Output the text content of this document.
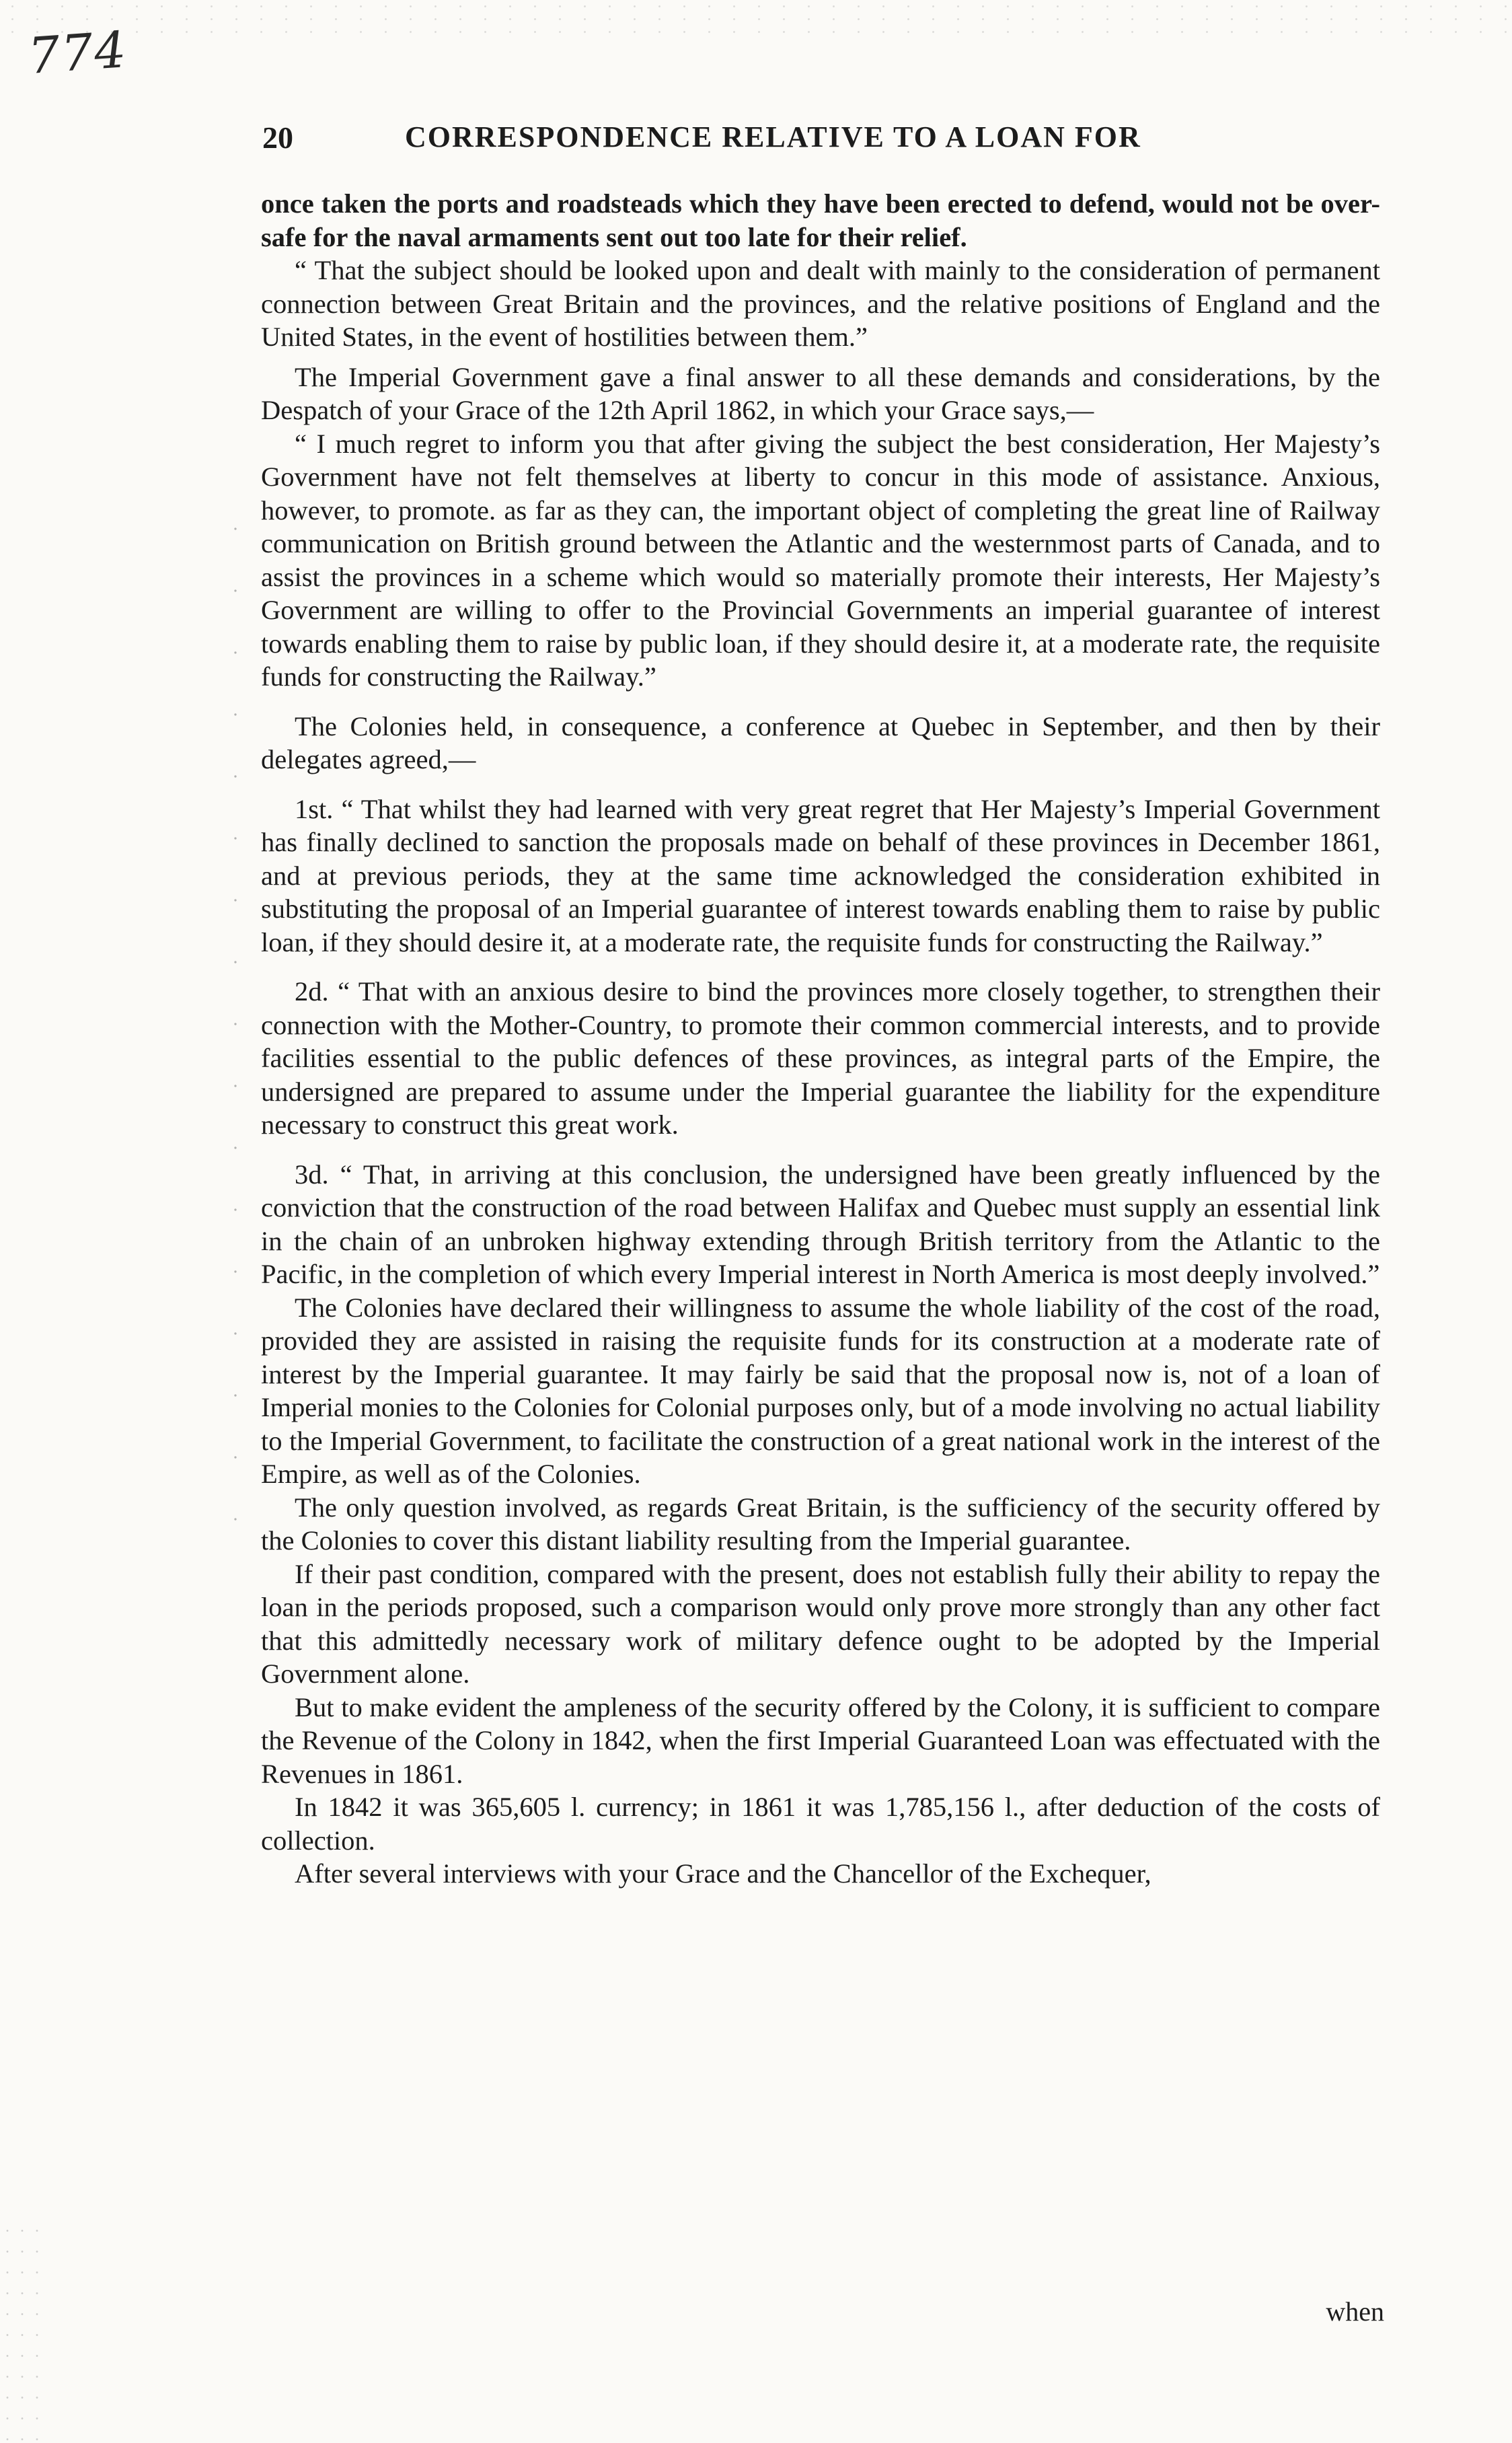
774
20	CORRESPONDENCE RELATIVE TO A LOAN FOR

once taken the ports and roadsteads which they have been erected to defend, would not be over-safe for the naval armaments sent out too late for their relief.

“ That the subject should be looked upon and dealt with mainly to the consideration of permanent connection between Great Britain and the provinces, and the relative positions of England and the United States, in the event of hostilities between them.”

The Imperial Government gave a final answer to all these demands and considerations, by the Despatch of your Grace of the 12th April 1862, in which your Grace says,—

“ I much regret to inform you that after giving the subject the best consideration, Her Majesty’s Government have not felt themselves at liberty to concur in this mode of assistance. Anxious, however, to promote. as far as they can, the important object of completing the great line of Railway communication on British ground between the Atlantic and the westernmost parts of Canada, and to assist the provinces in a scheme which would so materially promote their interests, Her Majesty’s Government are willing to offer to the Provincial Governments an imperial guarantee of interest towards enabling them to raise by public loan, if they should desire it, at a moderate rate, the requisite funds for constructing the Railway.”

The Colonies held, in consequence, a conference at Quebec in September, and then by their delegates agreed,—

1st. “ That whilst they had learned with very great regret that Her Majesty’s Imperial Government has finally declined to sanction the proposals made on behalf of these provinces in December 1861, and at previous periods, they at the same time acknowledged the consideration exhibited in substituting the proposal of an Imperial guarantee of interest towards enabling them to raise by public loan, if they should desire it, at a moderate rate, the requisite funds for constructing the Railway.”

2d. “ That with an anxious desire to bind the provinces more closely together, to strengthen their connection with the Mother-Country, to promote their common commercial interests, and to provide facilities essential to the public defences of these provinces, as integral parts of the Empire, the undersigned are prepared to assume under the Imperial guarantee the liability for the expenditure necessary to construct this great work.

3d. “ That, in arriving at this conclusion, the undersigned have been greatly influenced by the conviction that the construction of the road between Halifax and Quebec must supply an essential link in the chain of an unbroken highway extending through British territory from the Atlantic to the Pacific, in the completion of which every Imperial interest in North America is most deeply involved.”

The Colonies have declared their willingness to assume the whole liability of the cost of the road, provided they are assisted in raising the requisite funds for its construction at a moderate rate of interest by the Imperial guarantee. It may fairly be said that the proposal now is, not of a loan of Imperial monies to the Colonies for Colonial purposes only, but of a mode involving no actual liability to the Imperial Government, to facilitate the construction of a great national work in the interest of the Empire, as well as of the Colonies.

The only question involved, as regards Great Britain, is the sufficiency of the security offered by the Colonies to cover this distant liability resulting from the Imperial guarantee.

If their past condition, compared with the present, does not establish fully their ability to repay the loan in the periods proposed, such a comparison would only prove more strongly than any other fact that this admittedly necessary work of military defence ought to be adopted by the Imperial Government alone.

But to make evident the ampleness of the security offered by the Colony, it is sufficient to compare the Revenue of the Colony in 1842, when the first Imperial Guaranteed Loan was effectuated with the Revenues in 1861.

In 1842 it was 365,605 l. currency; in 1861 it was 1,785,156 l., after deduction of the costs of collection.

After several interviews with your Grace and the Chancellor of the Exchequer,

when
